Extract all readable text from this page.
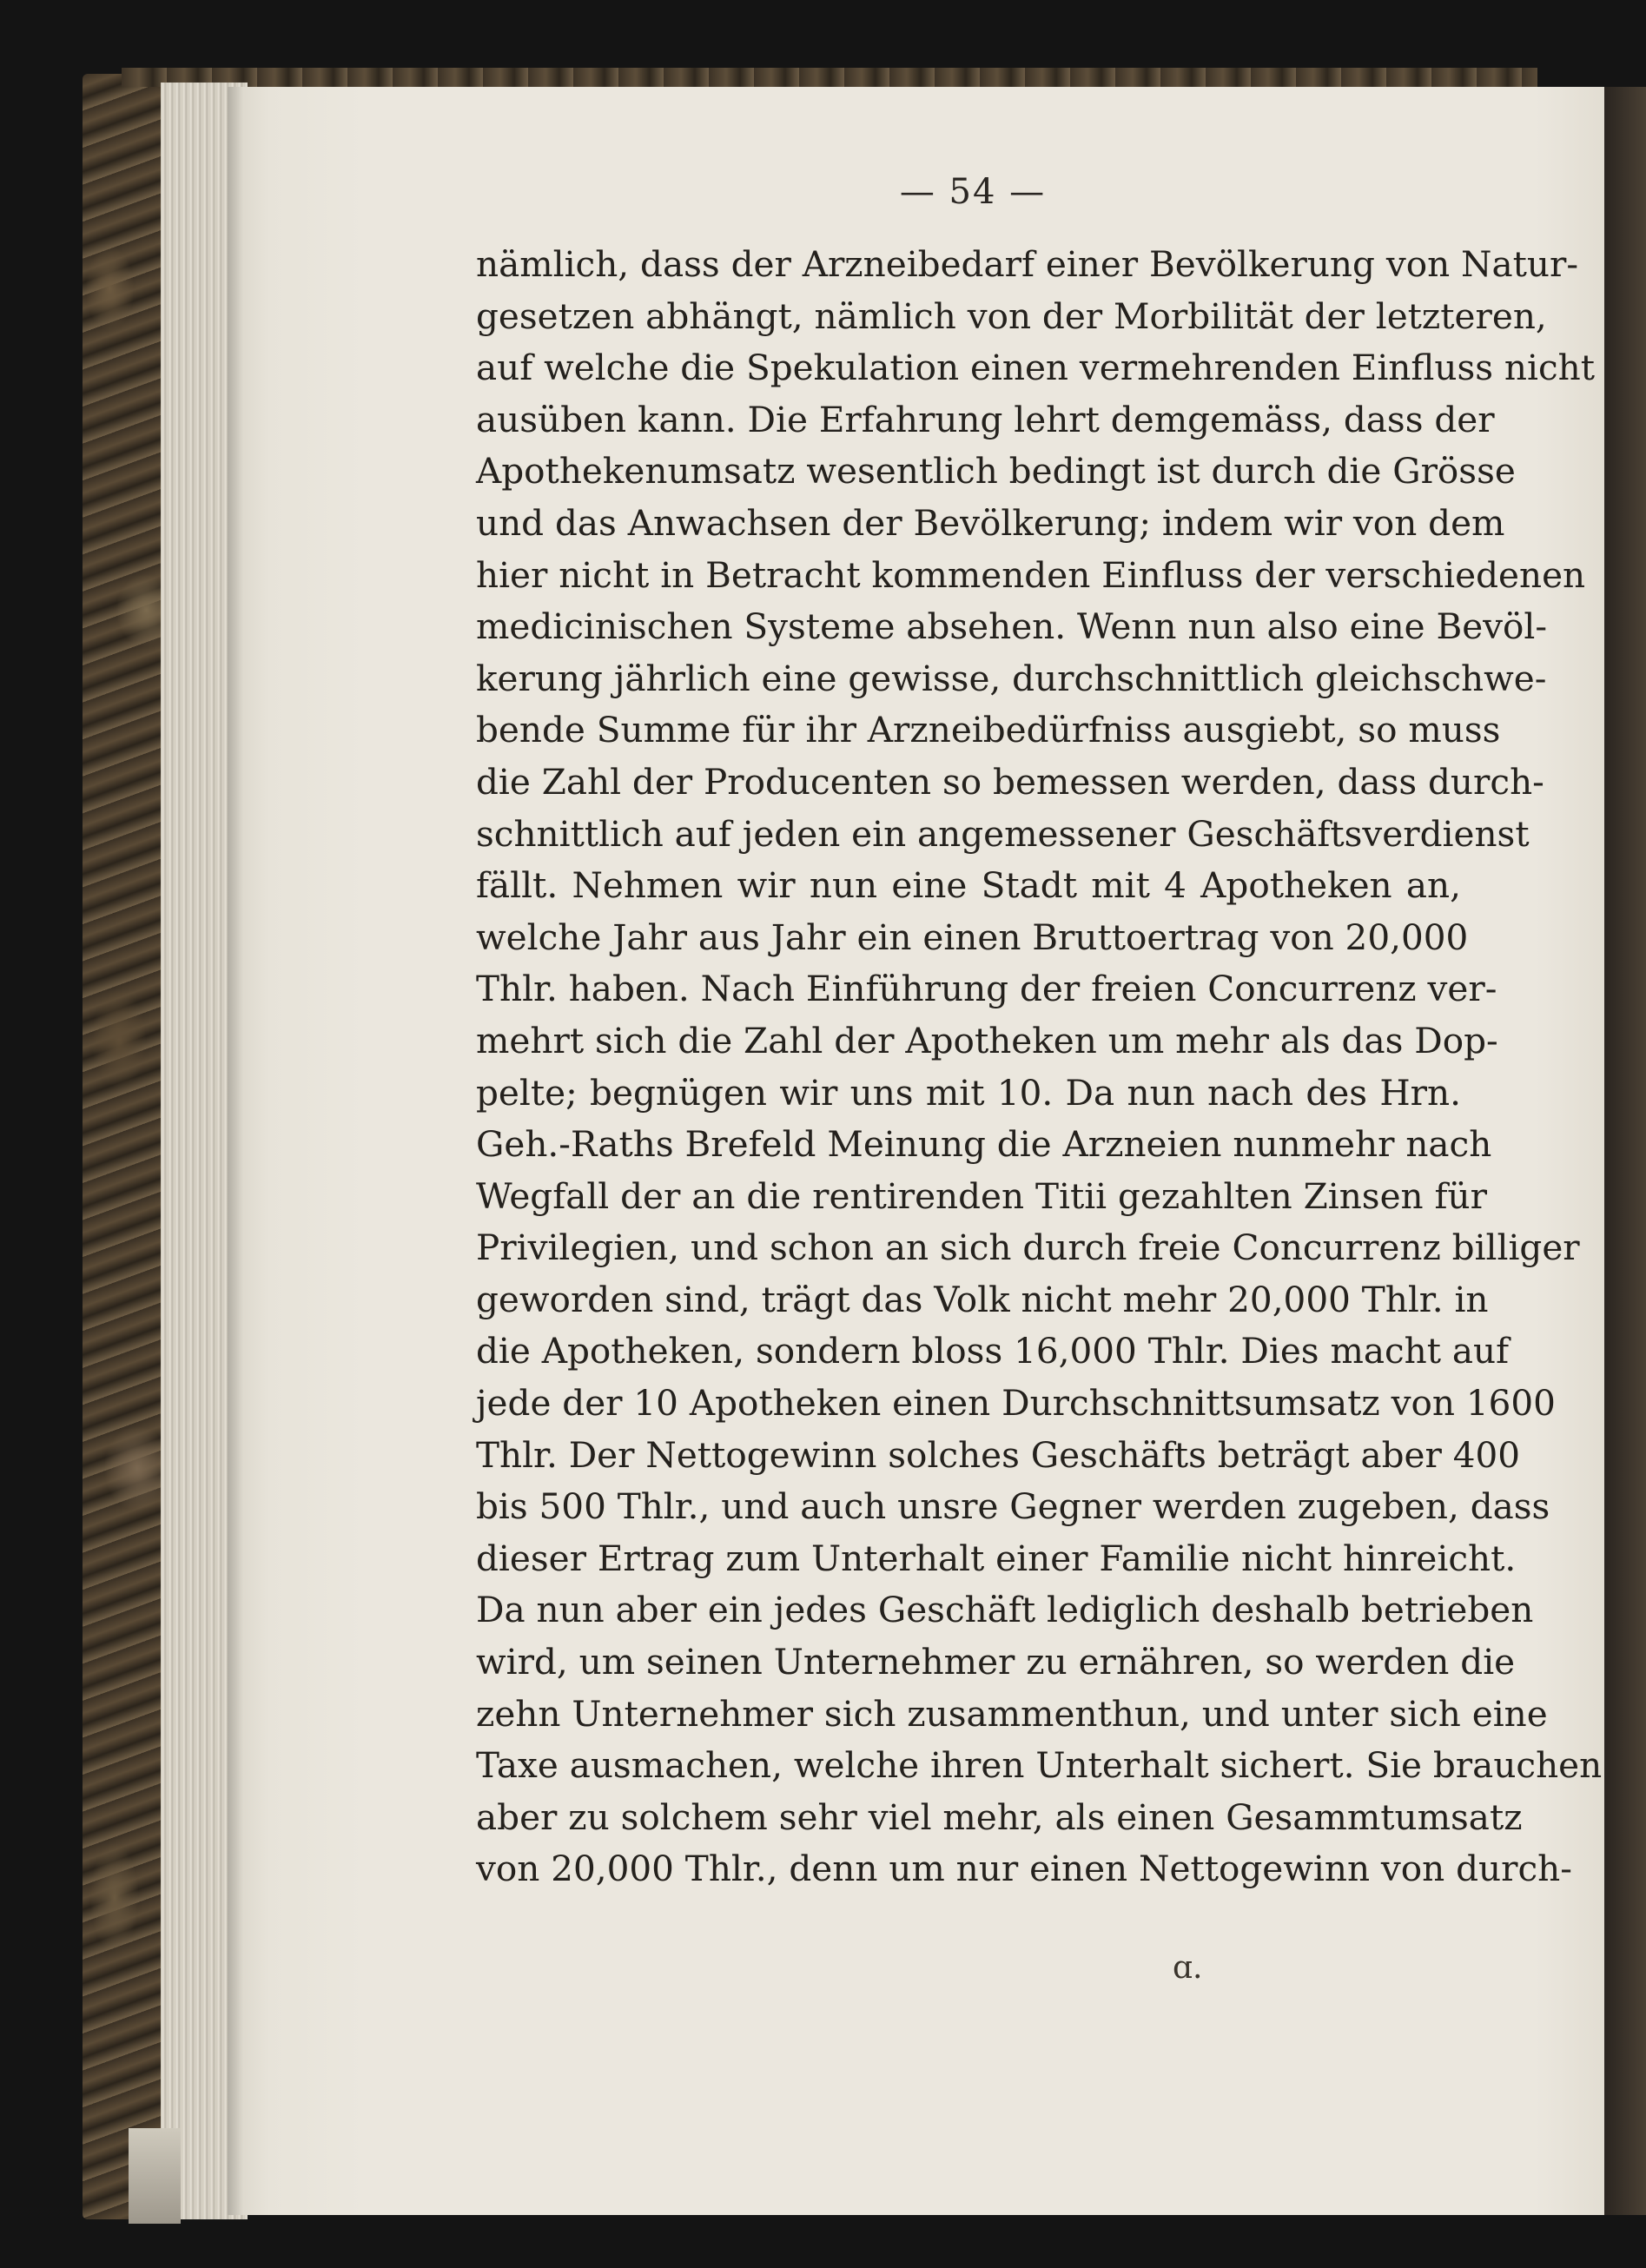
— 54 —
nämlich, dass der Arzneibedarf einer Bevölkerung von Natur-
gesetzen abhängt, nämlich von der Morbilität der letzteren,
auf welche die Spekulation einen vermehrenden Einfluss nicht
ausüben kann. Die Erfahrung lehrt demgemäss, dass der
Apothekenumsatz wesentlich bedingt ist durch die Grösse
und das Anwachsen der Bevölkerung; indem wir von dem
hier nicht in Betracht kommenden Einfluss der verschiedenen
medicinischen Systeme absehen. Wenn nun also eine Bevöl-
kerung jährlich eine gewisse, durchschnittlich gleichschwe-
bende Summe für ihr Arzneibedürfniss ausgiebt, so muss
die Zahl der Producenten so bemessen werden, dass durch-
schnittlich auf jeden ein angemessener Geschäftsverdienst
fällt. Nehmen wir nun eine Stadt mit 4 Apotheken an,
welche Jahr aus Jahr ein einen Bruttoertrag von 20,000
Thlr. haben. Nach Einführung der freien Concurrenz ver-
mehrt sich die Zahl der Apotheken um mehr als das Dop-
pelte; begnügen wir uns mit 10. Da nun nach des Hrn.
Geh.-Raths Brefeld Meinung die Arzneien nunmehr nach
Wegfall der an die rentirenden Titii gezahlten Zinsen für
Privilegien, und schon an sich durch freie Concurrenz billiger
geworden sind, trägt das Volk nicht mehr 20,000 Thlr. in
die Apotheken, sondern bloss 16,000 Thlr. Dies macht auf
jede der 10 Apotheken einen Durchschnittsumsatz von 1600
Thlr. Der Nettogewinn solches Geschäfts beträgt aber 400
bis 500 Thlr., und auch unsre Gegner werden zugeben, dass
dieser Ertrag zum Unterhalt einer Familie nicht hinreicht.
Da nun aber ein jedes Geschäft lediglich deshalb betrieben
wird, um seinen Unternehmer zu ernähren, so werden die
zehn Unternehmer sich zusammenthun, und unter sich eine
Taxe ausmachen, welche ihren Unterhalt sichert. Sie brauchen
aber zu solchem sehr viel mehr, als einen Gesammtumsatz
von 20,000 Thlr., denn um nur einen Nettogewinn von durch-
ɑ.
